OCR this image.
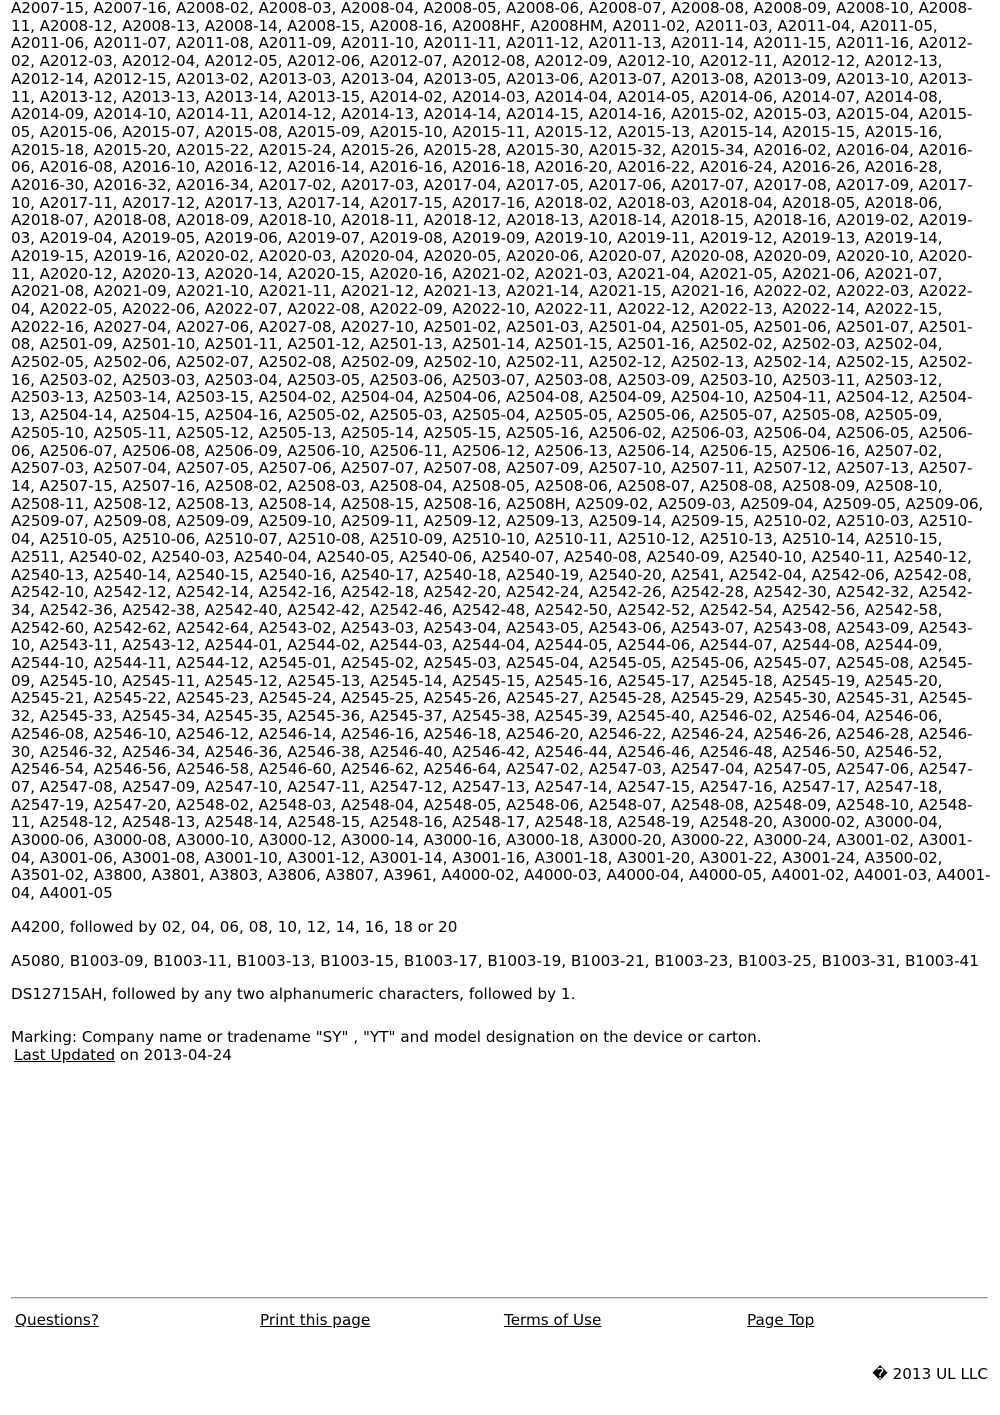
A2007-15, A2007-16, A2008-02, A2008-03, A2008-04, A2008-05, A2008-06, A2008-07, A2008-08, A2008-09, A2008-10, A2008-11, A2008-12, A2008-13, A2008-14, A2008-15, A2008-16, A2008HF, A2008HM, A2011-02, A2011-03, A2011-04, A2011-05, A2011-06, A2011-07, A2011-08, A2011-09, A2011-10, A2011-11, A2011-12, A2011-13, A2011-14, A2011-15, A2011-16, A2012-02, A2012-03, A2012-04, A2012-05, A2012-06, A2012-07, A2012-08, A2012-09, A2012-10, A2012-11, A2012-12, A2012-13, A2012-14, A2012-15, A2013-02, A2013-03, A2013-04, A2013-05, A2013-06, A2013-07, A2013-08, A2013-09, A2013-10, A2013-11, A2013-12, A2013-13, A2013-14, A2013-15, A2014-02, A2014-03, A2014-04, A2014-05, A2014-06, A2014-07, A2014-08, A2014-09, A2014-10, A2014-11, A2014-12, A2014-13, A2014-14, A2014-15, A2014-16, A2015-02, A2015-03, A2015-04, A2015-05, A2015-06, A2015-07, A2015-08, A2015-09, A2015-10, A2015-11, A2015-12, A2015-13, A2015-14, A2015-15, A2015-16, A2015-18, A2015-20, A2015-22, A2015-24, A2015-26, A2015-28, A2015-30, A2015-32, A2015-34, A2016-02, A2016-04, A2016-06, A2016-08, A2016-10, A2016-12, A2016-14, A2016-16, A2016-18, A2016-20, A2016-22, A2016-24, A2016-26, A2016-28, A2016-30, A2016-32, A2016-34, A2017-02, A2017-03, A2017-04, A2017-05, A2017-06, A2017-07, A2017-08, A2017-09, A2017-10, A2017-11, A2017-12, A2017-13, A2017-14, A2017-15, A2017-16, A2018-02, A2018-03, A2018-04, A2018-05, A2018-06, A2018-07, A2018-08, A2018-09, A2018-10, A2018-11, A2018-12, A2018-13, A2018-14, A2018-15, A2018-16, A2019-02, A2019-03, A2019-04, A2019-05, A2019-06, A2019-07, A2019-08, A2019-09, A2019-10, A2019-11, A2019-12, A2019-13, A2019-14, A2019-15, A2019-16, A2020-02, A2020-03, A2020-04, A2020-05, A2020-06, A2020-07, A2020-08, A2020-09, A2020-10, A2020-11, A2020-12, A2020-13, A2020-14, A2020-15, A2020-16, A2021-02, A2021-03, A2021-04, A2021-05, A2021-06, A2021-07, A2021-08, A2021-09, A2021-10, A2021-11, A2021-12, A2021-13, A2021-14, A2021-15, A2021-16, A2022-02, A2022-03, A2022-04, A2022-05, A2022-06, A2022-07, A2022-08, A2022-09, A2022-10, A2022-11, A2022-12, A2022-13, A2022-14, A2022-15, A2022-16, A2027-04, A2027-06, A2027-08, A2027-10, A2501-02, A2501-03, A2501-04, A2501-05, A2501-06, A2501-07, A2501-08, A2501-09, A2501-10, A2501-11, A2501-12, A2501-13, A2501-14, A2501-15, A2501-16, A2502-02, A2502-03, A2502-04, A2502-05, A2502-06, A2502-07, A2502-08, A2502-09, A2502-10, A2502-11, A2502-12, A2502-13, A2502-14, A2502-15, A2502-16, A2503-02, A2503-03, A2503-04, A2503-05, A2503-06, A2503-07, A2503-08, A2503-09, A2503-10, A2503-11, A2503-12, A2503-13, A2503-14, A2503-15, A2504-02, A2504-04, A2504-06, A2504-08, A2504-09, A2504-10, A2504-11, A2504-12, A2504-13, A2504-14, A2504-15, A2504-16, A2505-02, A2505-03, A2505-04, A2505-05, A2505-06, A2505-07, A2505-08, A2505-09, A2505-10, A2505-11, A2505-12, A2505-13, A2505-14, A2505-15, A2505-16, A2506-02, A2506-03, A2506-04, A2506-05, A2506-06, A2506-07, A2506-08, A2506-09, A2506-10, A2506-11, A2506-12, A2506-13, A2506-14, A2506-15, A2506-16, A2507-02, A2507-03, A2507-04, A2507-05, A2507-06, A2507-07, A2507-08, A2507-09, A2507-10, A2507-11, A2507-12, A2507-13, A2507-14, A2507-15, A2507-16, A2508-02, A2508-03, A2508-04, A2508-05, A2508-06, A2508-07, A2508-08, A2508-09, A2508-10, A2508-11, A2508-12, A2508-13, A2508-14, A2508-15, A2508-16, A2508H, A2509-02, A2509-03, A2509-04, A2509-05, A2509-06, A2509-07, A2509-08, A2509-09, A2509-10, A2509-11, A2509-12, A2509-13, A2509-14, A2509-15, A2510-02, A2510-03, A2510-04, A2510-05, A2510-06, A2510-07, A2510-08, A2510-09, A2510-10, A2510-11, A2510-12, A2510-13, A2510-14, A2510-15, A2511, A2540-02, A2540-03, A2540-04, A2540-05, A2540-06, A2540-07, A2540-08, A2540-09, A2540-10, A2540-11, A2540-12, A2540-13, A2540-14, A2540-15, A2540-16, A2540-17, A2540-18, A2540-19, A2540-20, A2541, A2542-04, A2542-06, A2542-08, A2542-10, A2542-12, A2542-14, A2542-16, A2542-18, A2542-20, A2542-24, A2542-26, A2542-28, A2542-30, A2542-32, A2542-34, A2542-36, A2542-38, A2542-40, A2542-42, A2542-46, A2542-48, A2542-50, A2542-52, A2542-54, A2542-56, A2542-58, A2542-60, A2542-62, A2542-64, A2543-02, A2543-03, A2543-04, A2543-05, A2543-06, A2543-07, A2543-08, A2543-09, A2543-10, A2543-11, A2543-12, A2544-01, A2544-02, A2544-03, A2544-04, A2544-05, A2544-06, A2544-07, A2544-08, A2544-09, A2544-10, A2544-11, A2544-12, A2545-01, A2545-02, A2545-03, A2545-04, A2545-05, A2545-06, A2545-07, A2545-08, A2545-09, A2545-10, A2545-11, A2545-12, A2545-13, A2545-14, A2545-15, A2545-16, A2545-17, A2545-18, A2545-19, A2545-20, A2545-21, A2545-22, A2545-23, A2545-24, A2545-25, A2545-26, A2545-27, A2545-28, A2545-29, A2545-30, A2545-31, A2545-32, A2545-33, A2545-34, A2545-35, A2545-36, A2545-37, A2545-38, A2545-39, A2545-40, A2546-02, A2546-04, A2546-06, A2546-08, A2546-10, A2546-12, A2546-14, A2546-16, A2546-18, A2546-20, A2546-22, A2546-24, A2546-26, A2546-28, A2546-30, A2546-32, A2546-34, A2546-36, A2546-38, A2546-40, A2546-42, A2546-44, A2546-46, A2546-48, A2546-50, A2546-52, A2546-54, A2546-56, A2546-58, A2546-60, A2546-62, A2546-64, A2547-02, A2547-03, A2547-04, A2547-05, A2547-06, A2547-07, A2547-08, A2547-09, A2547-10, A2547-11, A2547-12, A2547-13, A2547-14, A2547-15, A2547-16, A2547-17, A2547-18, A2547-19, A2547-20, A2548-02, A2548-03, A2548-04, A2548-05, A2548-06, A2548-07, A2548-08, A2548-09, A2548-10, A2548-11, A2548-12, A2548-13, A2548-14, A2548-15, A2548-16, A2548-17, A2548-18, A2548-19, A2548-20, A3000-02, A3000-04, A3000-06, A3000-08, A3000-10, A3000-12, A3000-14, A3000-16, A3000-18, A3000-20, A3000-22, A3000-24, A3001-02, A3001-04, A3001-06, A3001-08, A3001-10, A3001-12, A3001-14, A3001-16, A3001-18, A3001-20, A3001-22, A3001-24, A3500-02, A3501-02, A3800, A3801, A3803, A3806, A3807, A3961, A4000-02, A4000-03, A4000-04, A4000-05, A4001-02, A4001-03, A4001-04, A4001-05

A4200, followed by 02, 04, 06, 08, 10, 12, 14, 16, 18 or 20

A5080, B1003-09, B1003-11, B1003-13, B1003-15, B1003-17, B1003-19, B1003-21, B1003-23, B1003-25, B1003-31, B1003-41

DS12715AH, followed by any two alphanumeric characters, followed by 1.

Marking: Company name or tradename "SY" , "YT" and model designation on the device or carton.

Last Updated on 2013-04-24

Questions?	Print this page	Terms of Use	Page Top
� 2013 UL LLC
